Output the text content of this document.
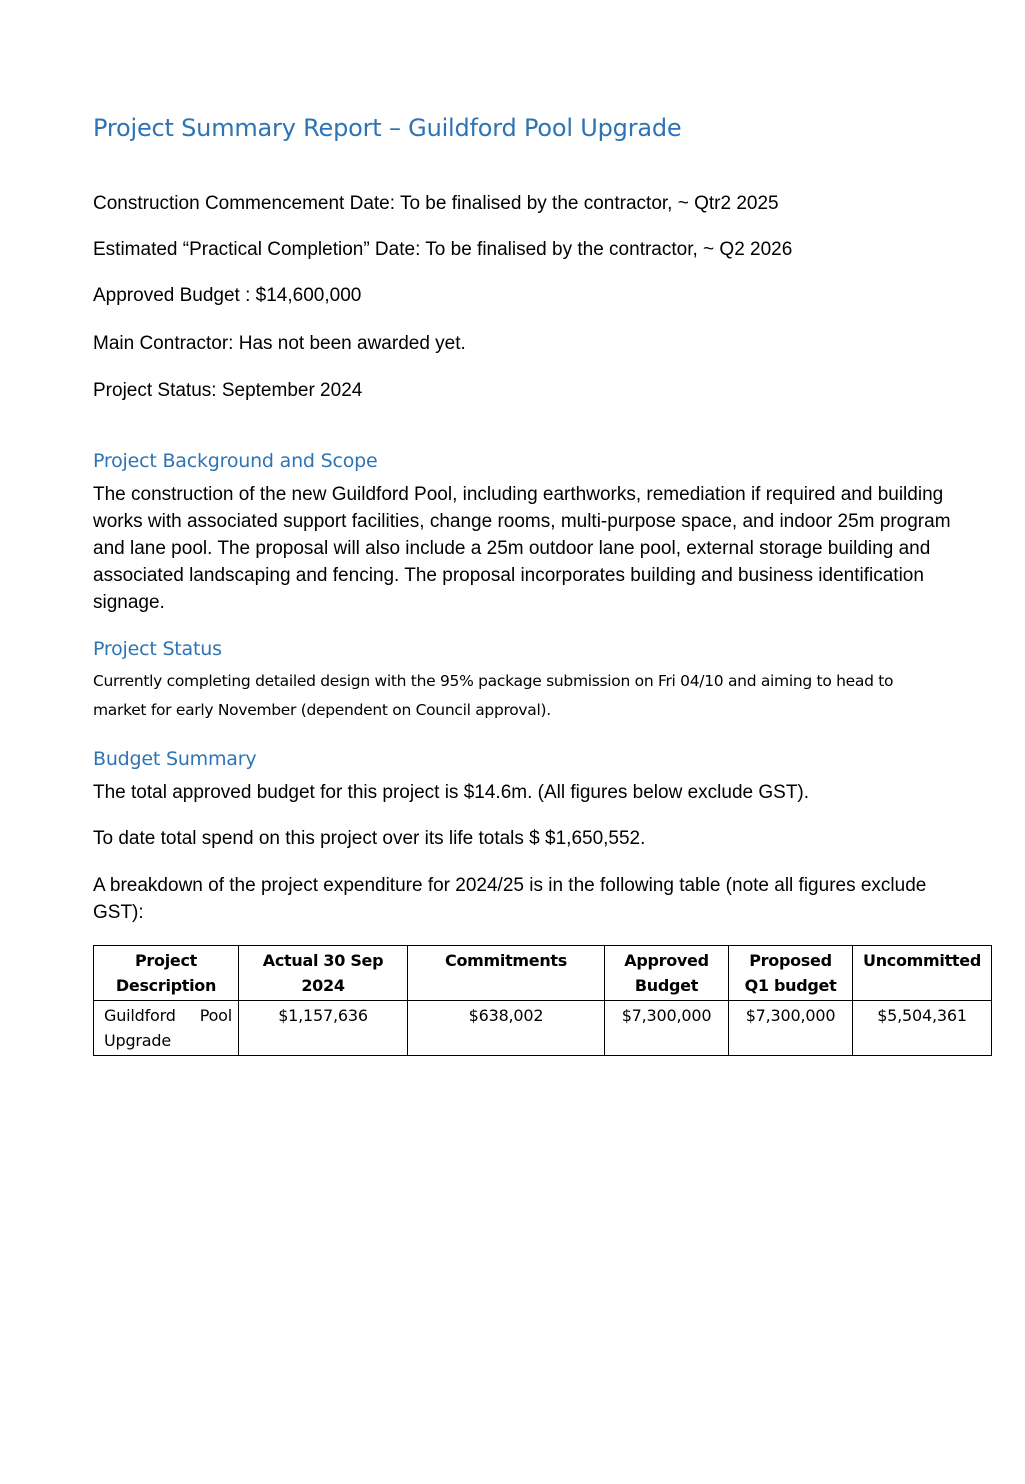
Project Summary Report – Guildford Pool Upgrade

Construction Commencement Date: To be finalised by the contractor, ~ Qtr2 2025

Estimated “Practical Completion” Date: To be finalised by the contractor, ~ Q2 2026

Approved Budget : $14,600,000

Main Contractor: Has not been awarded yet.

Project Status: September 2024

Project Background and Scope

The construction of the new Guildford Pool, including earthworks, remediation if required and building works with associated support facilities, change rooms, multi-purpose space, and indoor 25m program and lane pool. The proposal will also include a 25m outdoor lane pool, external storage building and associated landscaping and fencing. The proposal incorporates building and business identification signage.

Project Status

Currently completing detailed design with the 95% package submission on Fri 04/10 and aiming to head to market for early November (dependent on Council approval).

Budget Summary

The total approved budget for this project is $14.6m. (All figures below exclude GST).

To date total spend on this project over its life totals $ $1,650,552.

A breakdown of the project expenditure for 2024/25 is in the following table (note all figures exclude GST):

Project Description	Actual 30 Sep 2024	Commitments	Approved Budget	Proposed Q1 budget	Uncommitted
Guildford Pool Upgrade	$1,157,636	$638,002	$7,300,000	$7,300,000	$5,504,361
